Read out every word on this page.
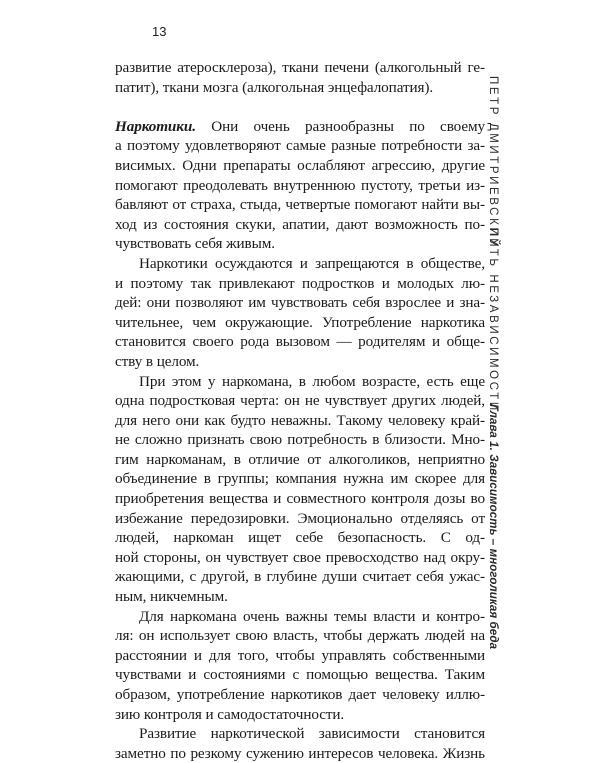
13
ПЕТР ДМИТРИЕВСКИЙ
ПУТЬ НЕЗАВИСИМОСТИ
Глава 1. Зависимость – многоликая беда
развитие атеросклероза), ткани печени (алкогольный ге-
патит), ткани мозга (алкогольная энцефалопатия).
Наркотики. Они очень разнообразны по своему
а поэтому удовлетворяют самые разные потребности за-
висимых. Одни препараты ослабляют агрессию, другие
помогают преодолевать внутреннюю пустоту, третьи из-
бавляют от страха, стыда, четвертые помогают найти вы-
ход из состояния скуки, апатии, дают возможность по-
чувствовать себя живым.
Наркотики осуждаются и запрещаются в обществе,
и поэтому так привлекают подростков и молодых лю-
дей: они позволяют им чувствовать себя взрослее и зна-
чительнее, чем окружающие. Употребление наркотика
становится своего рода вызовом — родителям и обще-
ству в целом.
При этом у наркомана, в любом возрасте, есть еще
одна подростковая черта: он не чувствует других людей,
для него они как будто неважны. Такому человеку край-
не сложно признать свою потребность в близости. Мно-
гим наркоманам, в отличие от алкоголиков, неприятно
объединение в группы; компания нужна им скорее для
приобретения вещества и совместного контроля дозы во
избежание передозировки. Эмоционально отделяясь от
людей, наркоман ищет себе безопасность. С од-
ной стороны, он чувствует свое превосходство над окру-
жающими, с другой, в глубине души считает себя ужас-
ным, никчемным.
Для наркомана очень важны темы власти и контро-
ля: он использует свою власть, чтобы держать людей на
расстоянии и для того, чтобы управлять собственными
чувствами и состояниями с помощью вещества. Таким
образом, употребление наркотиков дает человеку иллю-
зию контроля и самодостаточности.
Развитие наркотической зависимости становится
заметно по резкому сужению интересов человека. Жизнь
